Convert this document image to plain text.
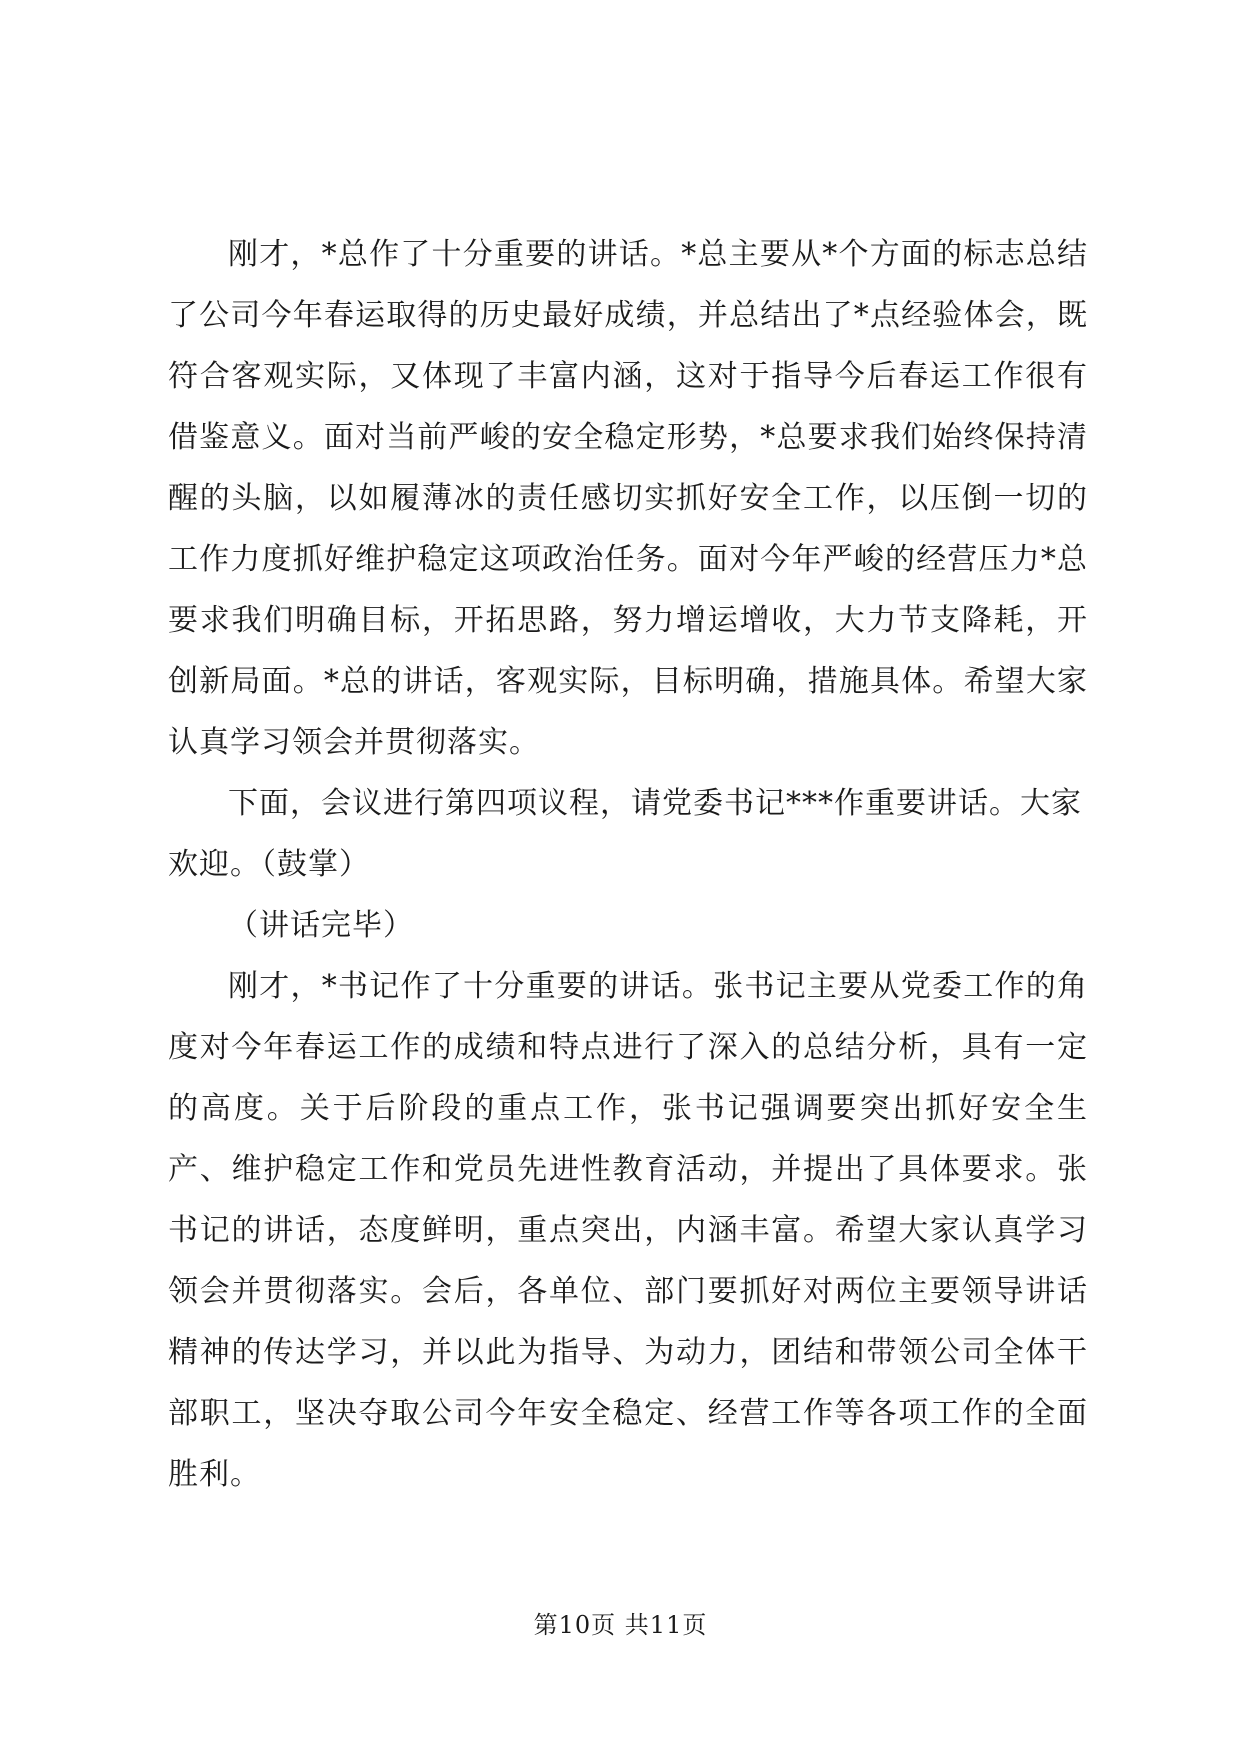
刚才，*总作了十分重要的讲话。*总主要从*个方面的标志总结了公司今年春运取得的历史最好成绩，并总结出了*点经验体会，既符合客观实际，又体现了丰富内涵，这对于指导今后春运工作很有借鉴意义。面对当前严峻的安全稳定形势，*总要求我们始终保持清醒的头脑，以如履薄冰的责任感切实抓好安全工作，以压倒一切的工作力度抓好维护稳定这项政治任务。面对今年严峻的经营压力*总要求我们明确目标，开拓思路，努力增运增收，大力节支降耗，开创新局面。*总的讲话，客观实际，目标明确，措施具体。希望大家认真学习领会并贯彻落实。

下面，会议进行第四项议程，请党委书记***作重要讲话。大家欢迎。（鼓掌）

（讲话完毕）

刚才，*书记作了十分重要的讲话。张书记主要从党委工作的角度对今年春运工作的成绩和特点进行了深入的总结分析，具有一定的高度。关于后阶段的重点工作，张书记强调要突出抓好安全生产、维护稳定工作和党员先进性教育活动，并提出了具体要求。张书记的讲话，态度鲜明，重点突出，内涵丰富。希望大家认真学习领会并贯彻落实。会后，各单位、部门要抓好对两位主要领导讲话精神的传达学习，并以此为指导、为动力，团结和带领公司全体干部职工，坚决夺取公司今年安全稳定、经营工作等各项工作的全面胜利。

第10页 共11页
